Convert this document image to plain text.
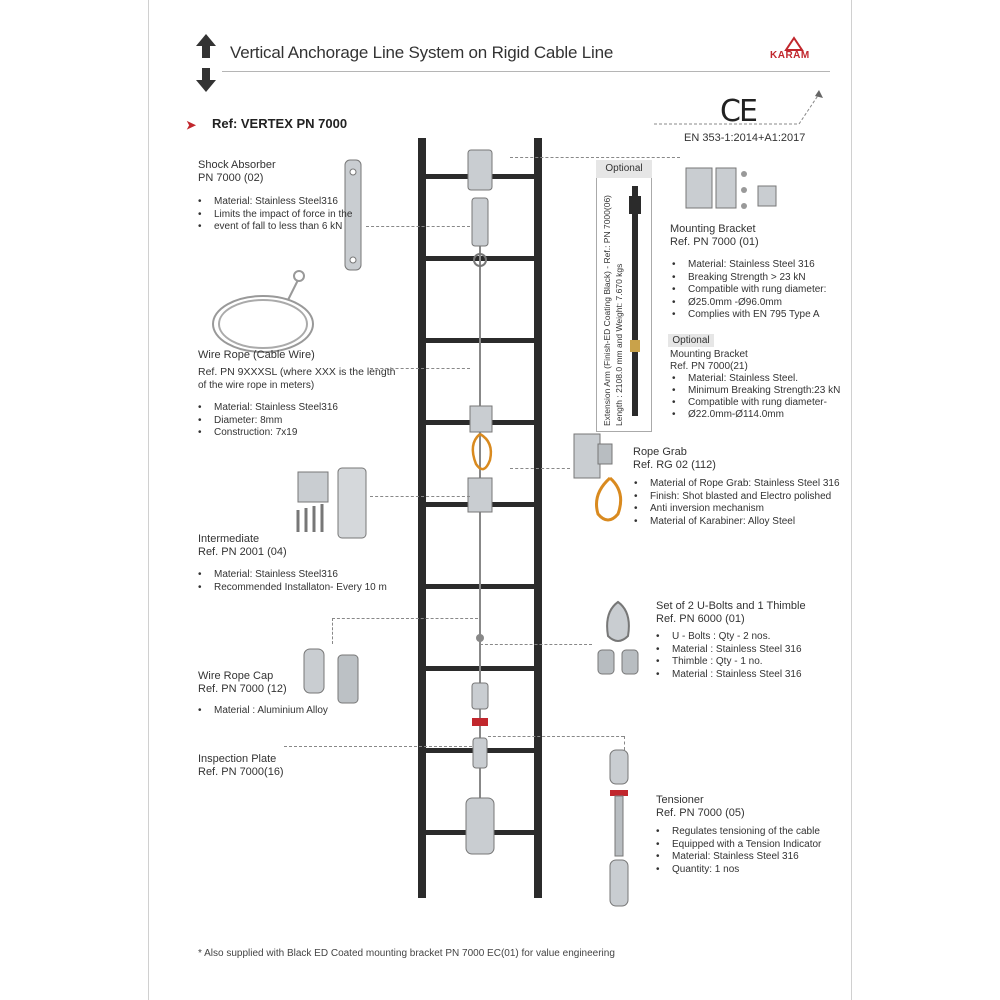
Vertical Anchorage Line System on Rigid Cable Line	KARAM
➤ Ref: VERTEX PN 7000	CE
EN 353-1:2014+A1:2017
Shock Absorber
PN 7000 (02)
• Material: Stainless Steel316
• Limits the impact of force in the
• event of fall to less than 6 kN
Wire Rope (Cable Wire)
Ref. PN 9XXXSL (where XXX is the length
of the wire rope in meters)
• Material: Stainless Steel316
• Diameter: 8mm
• Construction: 7x19
Intermediate
Ref. PN 2001 (04)
• Material: Stainless Steel316
• Recommended Installaton- Every 10 m
Wire Rope Cap
Ref. PN 7000 (12)
• Material : Aluminium Alloy
Inspection Plate
Ref. PN 7000(16)
Optional
Extension Arm (Finish-ED Coating Black) - Ref.: PN 7000(06) Length : 2108.0 mm and Weight: 7.670 kgs
Mounting Bracket
Ref. PN 7000 (01)
• Material: Stainless Steel 316
• Breaking Strength > 23 kN
• Compatible with rung diameter:
• Ø25.0mm -Ø96.0mm
• Complies with EN 795 Type A
Optional
Mounting Bracket
Ref. PN 7000(21)
• Material: Stainless Steel.
• Minimum Breaking Strength:23 kN
• Compatible with rung diameter-
• Ø22.0mm-Ø114.0mm
Rope Grab
Ref. RG 02 (112)
• Material of Rope Grab: Stainless Steel 316
• Finish: Shot blasted and Electro polished
• Anti inversion mechanism
• Material of Karabiner: Alloy Steel
Set of 2 U-Bolts and 1 Thimble
Ref. PN 6000 (01)
• U - Bolts : Qty - 2 nos.
• Material : Stainless Steel 316
• Thimble : Qty - 1 no.
• Material : Stainless Steel 316
Tensioner
Ref. PN 7000 (05)
• Regulates tensioning of the cable
• Equipped with a Tension Indicator
• Material: Stainless Steel 316
• Quantity: 1 nos
* Also supplied with Black ED Coated mounting bracket PN 7000 EC(01) for value engineering
